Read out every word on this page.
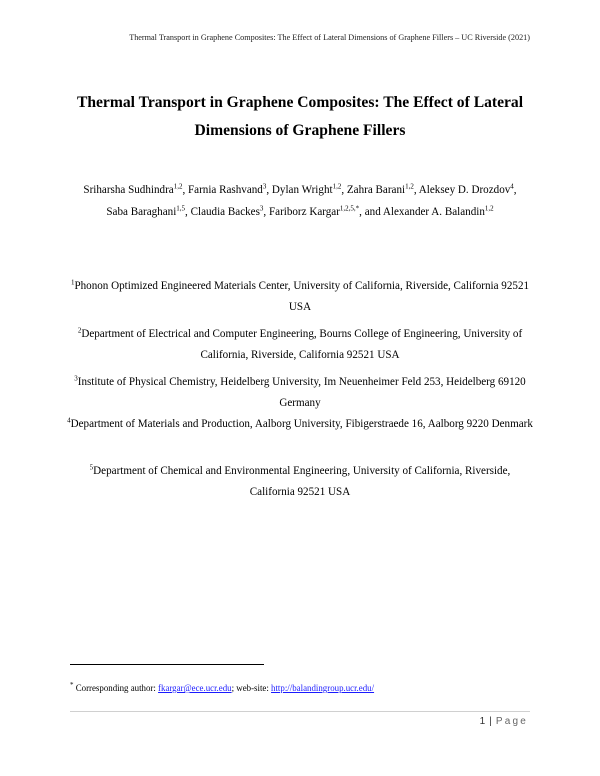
Thermal Transport in Graphene Composites: The Effect of Lateral Dimensions of Graphene Fillers – UC Riverside (2021)
Thermal Transport in Graphene Composites: The Effect of Lateral
Dimensions of Graphene Fillers
Sriharsha Sudhindra$^{1,2}$, Farnia Rashvand$^3$, Dylan Wright$^{1,2}$, Zahra Barani$^{1,2}$, Aleksey D. Drozdov$^4$, Saba Baraghani$^{1,5}$, Claudia Backes$^3$, Fariborz Kargar$^{1,2,5,*}$, and Alexander A. Balandin$^{1,2}$
$^1$Phonon Optimized Engineered Materials Center, University of California, Riverside, California 92521 USA
$^2$Department of Electrical and Computer Engineering, Bourns College of Engineering, University of California, Riverside, California 92521 USA
$^3$Institute of Physical Chemistry, Heidelberg University, Im Neuenheimer Feld 253, Heidelberg 69120 Germany
$^4$Department of Materials and Production, Aalborg University, Fibigerstraede 16, Aalborg 9220 Denmark
$^5$Department of Chemical and Environmental Engineering, University of California, Riverside, California 92521 USA
* Corresponding author: fkargar@ece.ucr.edu; web-site: http://balandingroup.ucr.edu/
1 | Page
